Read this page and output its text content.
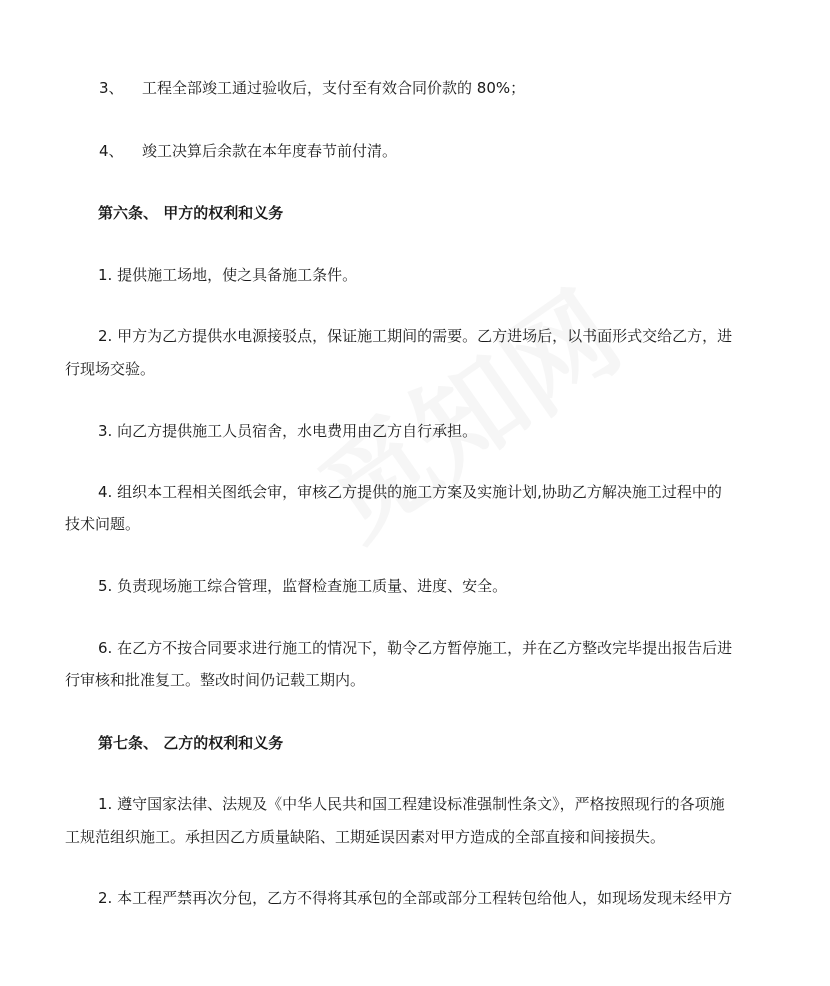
3、 工程全部竣工通过验收后，支付至有效合同价款的 80%；
4、 竣工决算后余款在本年度春节前付清。
第六条、 甲方的权利和义务
1. 提供施工场地，使之具备施工条件。
2. 甲方为乙方提供水电源接驳点，保证施工期间的需要。乙方进场后，以书面形式交给乙方，进
行现场交验。
3. 向乙方提供施工人员宿舍，水电费用由乙方自行承担。
4. 组织本工程相关图纸会审，审核乙方提供的施工方案及实施计划,协助乙方解决施工过程中的
技术问题。
5. 负责现场施工综合管理，监督检查施工质量、进度、安全。
6. 在乙方不按合同要求进行施工的情况下，勒令乙方暂停施工，并在乙方整改完毕提出报告后进
行审核和批准复工。整改时间仍记载工期内。
第七条、 乙方的权利和义务
1. 遵守国家法律、法规及《中华人民共和国工程建设标准强制性条文》，严格按照现行的各项施
工规范组织施工。承担因乙方质量缺陷、工期延误因素对甲方造成的全部直接和间接损失。
2. 本工程严禁再次分包，乙方不得将其承包的全部或部分工程转包给他人，如现场发现未经甲方
